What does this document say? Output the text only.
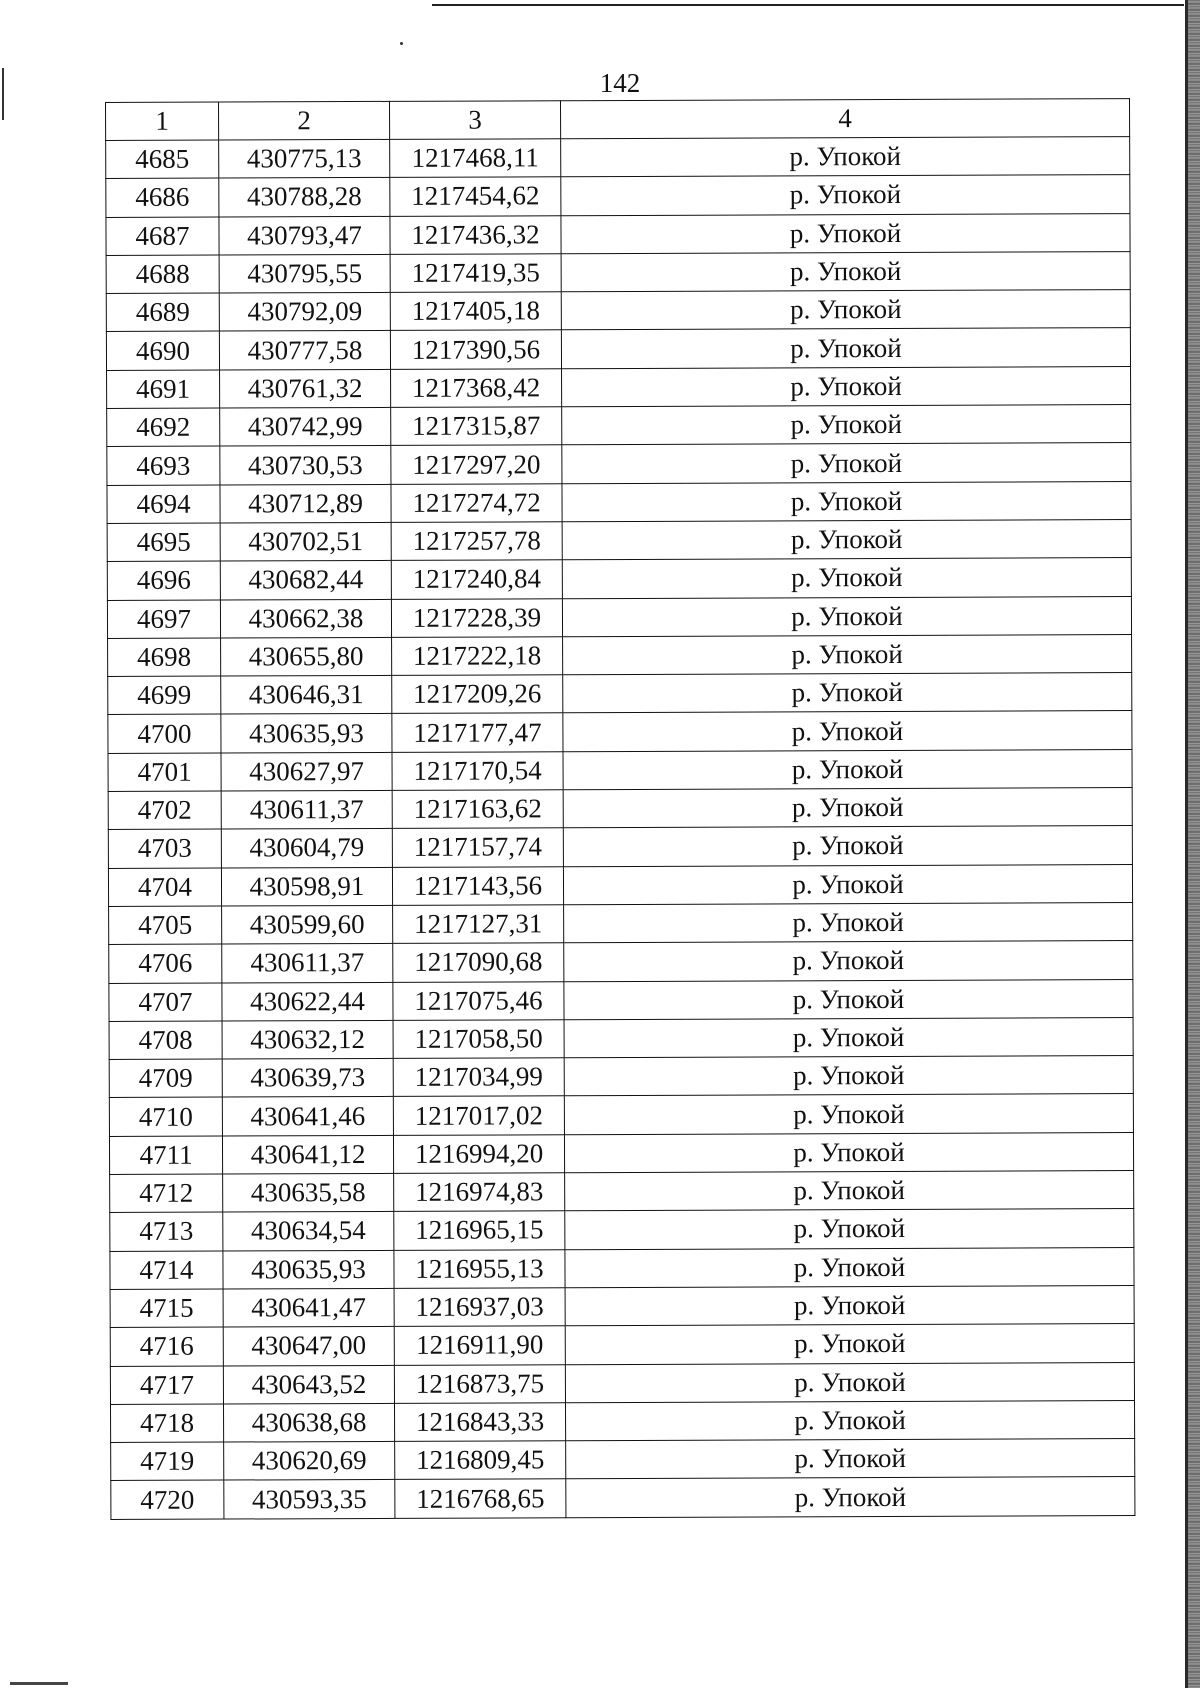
142
1	2	3	4
4685	430775,13	1217468,11	р. Упокой
4686	430788,28	1217454,62	р. Упокой
4687	430793,47	1217436,32	р. Упокой
4688	430795,55	1217419,35	р. Упокой
4689	430792,09	1217405,18	р. Упокой
4690	430777,58	1217390,56	р. Упокой
4691	430761,32	1217368,42	р. Упокой
4692	430742,99	1217315,87	р. Упокой
4693	430730,53	1217297,20	р. Упокой
4694	430712,89	1217274,72	р. Упокой
4695	430702,51	1217257,78	р. Упокой
4696	430682,44	1217240,84	р. Упокой
4697	430662,38	1217228,39	р. Упокой
4698	430655,80	1217222,18	р. Упокой
4699	430646,31	1217209,26	р. Упокой
4700	430635,93	1217177,47	р. Упокой
4701	430627,97	1217170,54	р. Упокой
4702	430611,37	1217163,62	р. Упокой
4703	430604,79	1217157,74	р. Упокой
4704	430598,91	1217143,56	р. Упокой
4705	430599,60	1217127,31	р. Упокой
4706	430611,37	1217090,68	р. Упокой
4707	430622,44	1217075,46	р. Упокой
4708	430632,12	1217058,50	р. Упокой
4709	430639,73	1217034,99	р. Упокой
4710	430641,46	1217017,02	р. Упокой
4711	430641,12	1216994,20	р. Упокой
4712	430635,58	1216974,83	р. Упокой
4713	430634,54	1216965,15	р. Упокой
4714	430635,93	1216955,13	р. Упокой
4715	430641,47	1216937,03	р. Упокой
4716	430647,00	1216911,90	р. Упокой
4717	430643,52	1216873,75	р. Упокой
4718	430638,68	1216843,33	р. Упокой
4719	430620,69	1216809,45	р. Упокой
4720	430593,35	1216768,65	р. Упокой
